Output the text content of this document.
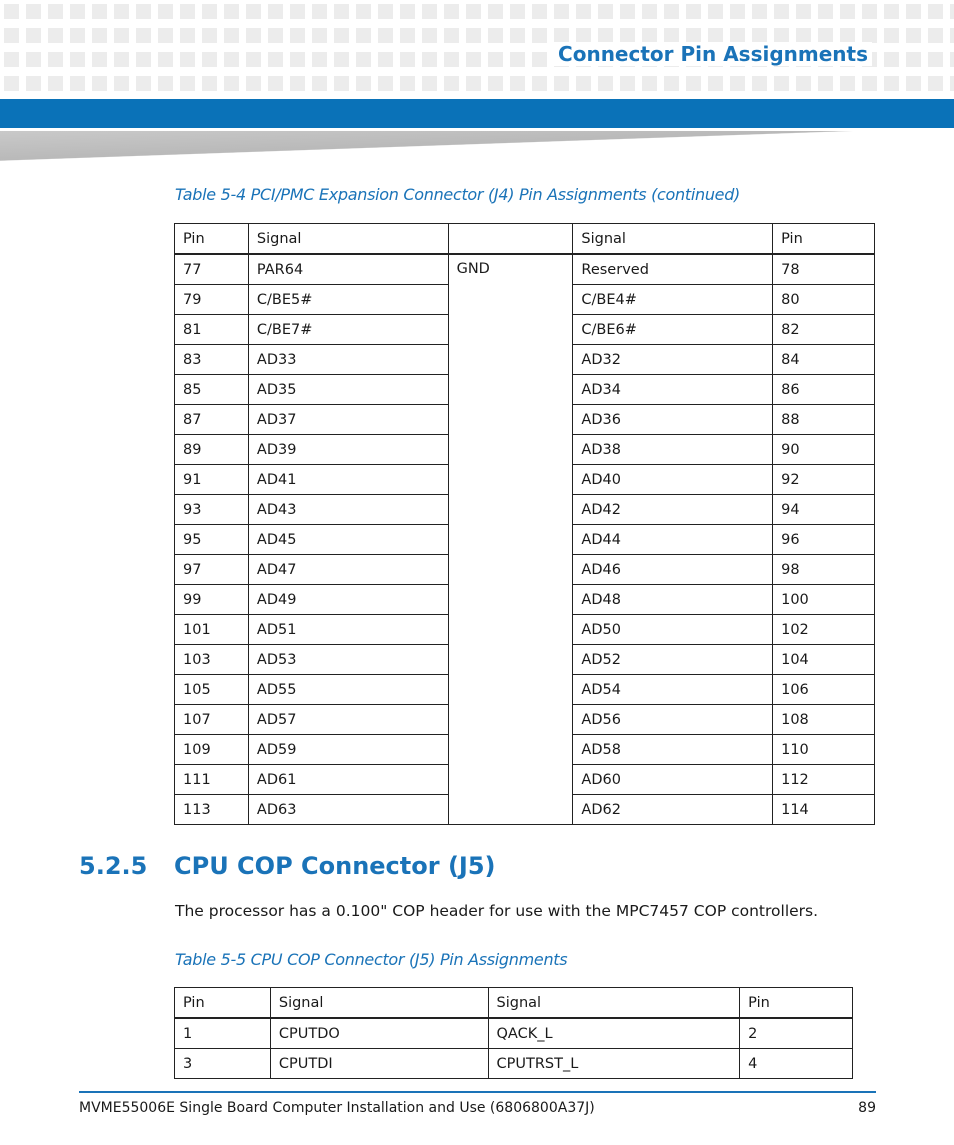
Connector Pin Assignments
Table 5-4 PCI/PMC Expansion Connector (J4) Pin Assignments (continued)
Pin	Signal		Signal	Pin
77	PAR64	GND	Reserved	78
79	C/BE5#		C/BE4#	80
81	C/BE7#		C/BE6#	82
83	AD33		AD32	84
85	AD35		AD34	86
87	AD37		AD36	88
89	AD39		AD38	90
91	AD41		AD40	92
93	AD43		AD42	94
95	AD45		AD44	96
97	AD47		AD46	98
99	AD49		AD48	100
101	AD51		AD50	102
103	AD53		AD52	104
105	AD55		AD54	106
107	AD57		AD56	108
109	AD59		AD58	110
111	AD61		AD60	112
113	AD63		AD62	114
5.2.5 CPU COP Connector (J5)
The processor has a 0.100" COP header for use with the MPC7457 COP controllers.
Table 5-5 CPU COP Connector (J5) Pin Assignments
Pin	Signal	Signal	Pin
1	CPUTDO	QACK_L	2
3	CPUTDI	CPUTRST_L	4
MVME55006E Single Board Computer Installation and Use (6806800A37J)	89
